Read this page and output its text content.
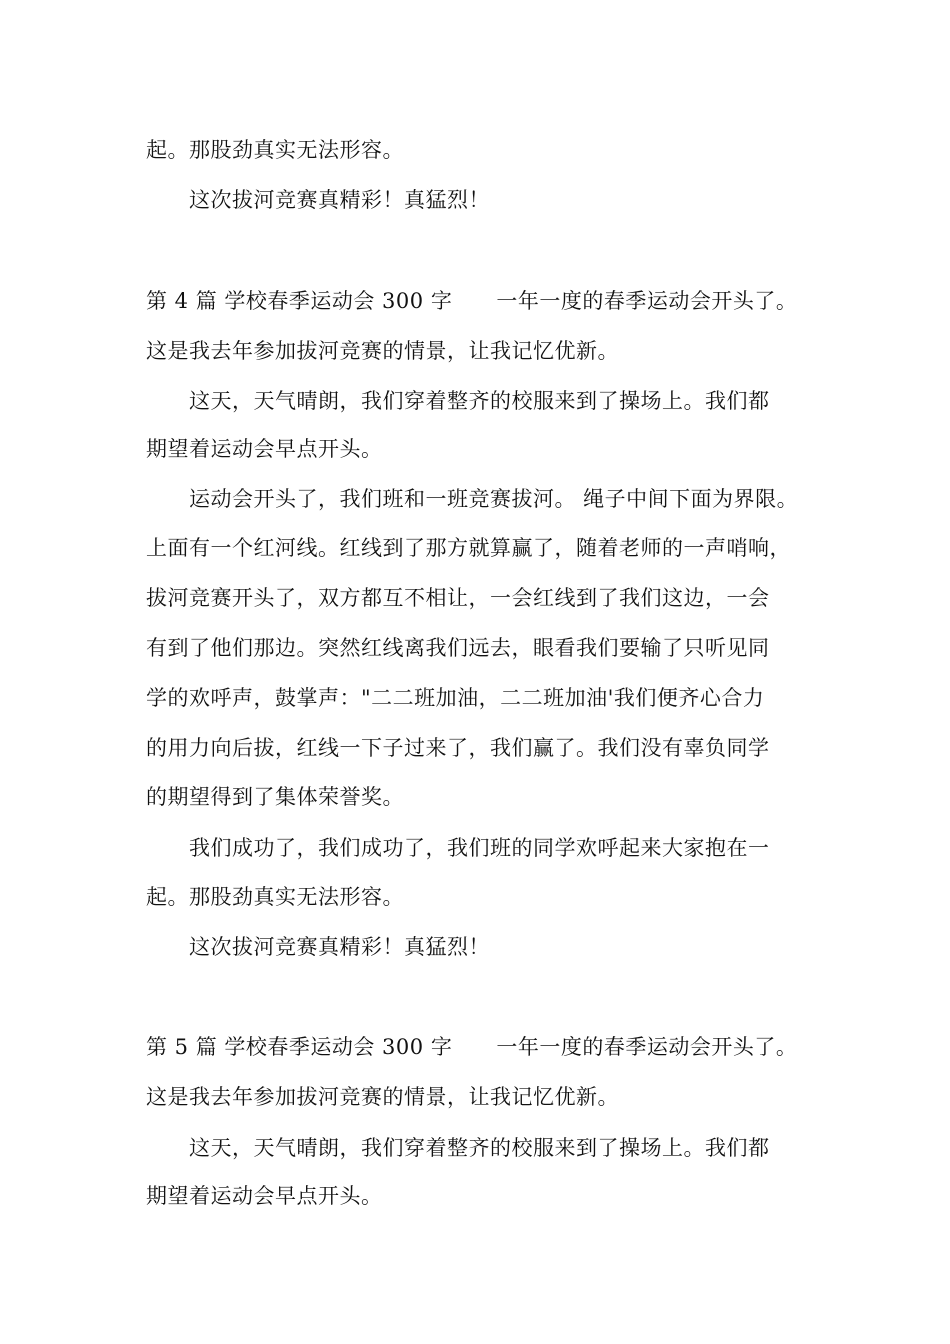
起。那股劲真实无法形容。
这次拔河竞赛真精彩！真猛烈！
第 4 篇 学校春季运动会 300 字 一年一度的春季运动会开头了。
这是我去年参加拔河竞赛的情景，让我记忆优新。
这天，天气晴朗，我们穿着整齐的校服来到了操场上。我们都
期望着运动会早点开头。
运动会开头了，我们班和一班竞赛拔河。 绳子中间下面为界限。
上面有一个红河线。红线到了那方就算赢了，随着老师的一声哨响，
拔河竞赛开头了，双方都互不相让，一会红线到了我们这边，一会
有到了他们那边。突然红线离我们远去，眼看我们要输了只听见同
学的欢呼声，鼓掌声："二二班加油，二二班加油'我们便齐心合力
的用力向后拔，红线一下子过来了，我们赢了。我们没有辜负同学
的期望得到了集体荣誉奖。
我们成功了，我们成功了，我们班的同学欢呼起来大家抱在一
起。那股劲真实无法形容。
这次拔河竞赛真精彩！真猛烈！
第 5 篇 学校春季运动会 300 字 一年一度的春季运动会开头了。
这是我去年参加拔河竞赛的情景，让我记忆优新。
这天，天气晴朗，我们穿着整齐的校服来到了操场上。我们都
期望着运动会早点开头。
